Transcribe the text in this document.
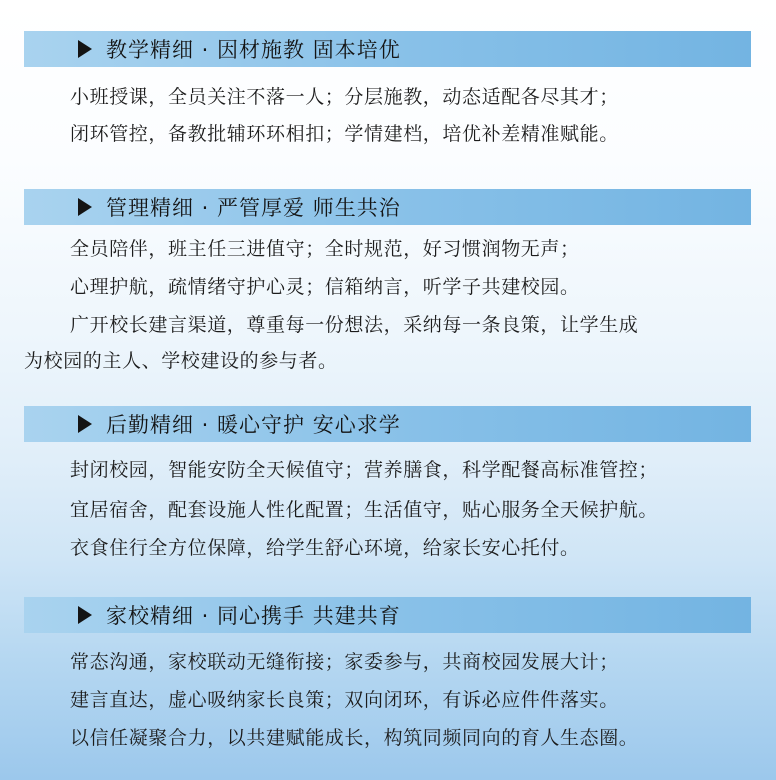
教学精细 · 因材施教 固本培优
小班授课，全员关注不落一人；分层施教，动态适配各尽其才；
闭环管控，备教批辅环环相扣；学情建档，培优补差精准赋能。
管理精细 · 严管厚爱 师生共治
全员陪伴，班主任三进值守；全时规范，好习惯润物无声；
心理护航，疏情绪守护心灵；信箱纳言，听学子共建校园。
广开校长建言渠道，尊重每一份想法，采纳每一条良策，让学生成
为校园的主人、学校建设的参与者。
后勤精细 · 暖心守护 安心求学
封闭校园，智能安防全天候值守；营养膳食，科学配餐高标准管控；
宜居宿舍，配套设施人性化配置；生活值守，贴心服务全天候护航。
衣食住行全方位保障，给学生舒心环境，给家长安心托付。
家校精细 · 同心携手 共建共育
常态沟通，家校联动无缝衔接；家委参与，共商校园发展大计；
建言直达，虚心吸纳家长良策；双向闭环，有诉必应件件落实。
以信任凝聚合力，以共建赋能成长，构筑同频同向的育人生态圈。
